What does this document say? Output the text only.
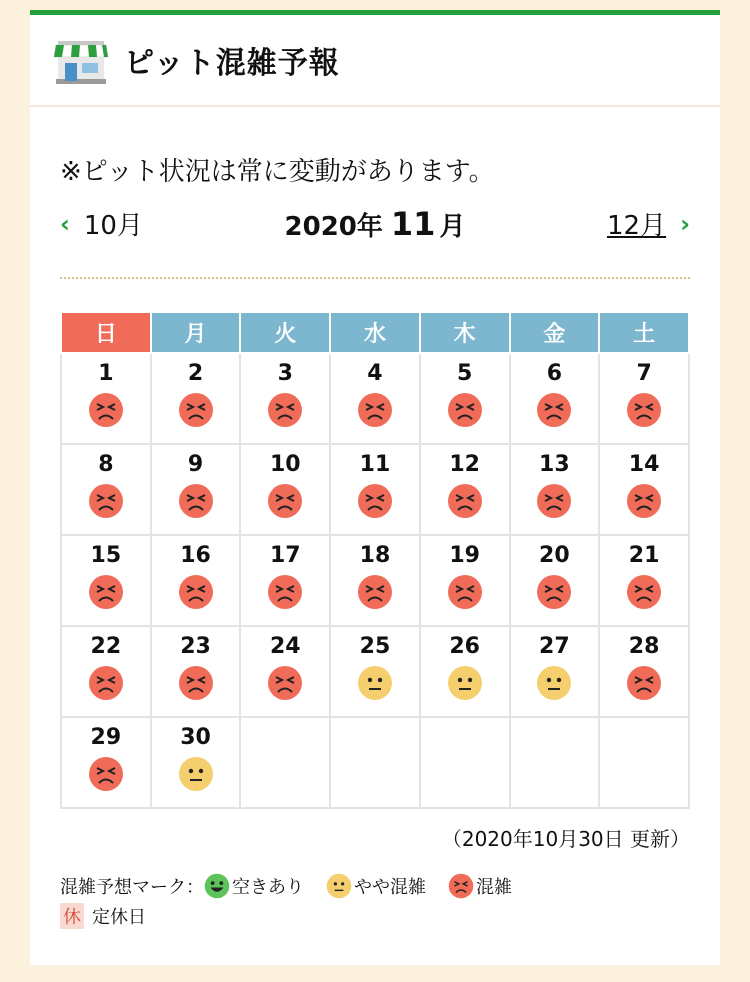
ピット混雑予報
※ピット状況は常に変動があります。
‹ 10月	2020年 11 月	12月 ›
日	月	火	水	木	金	土

1	2	3	4	5	6	7

8	9	10	11	12	13	14

15	16	17	18	19	20	21

22	23	24	25	26	27	28

29	30					

（2020年10月30日 更新）
混雑予想マーク： 空きあり	やや混雑	混雑
休 定休日
